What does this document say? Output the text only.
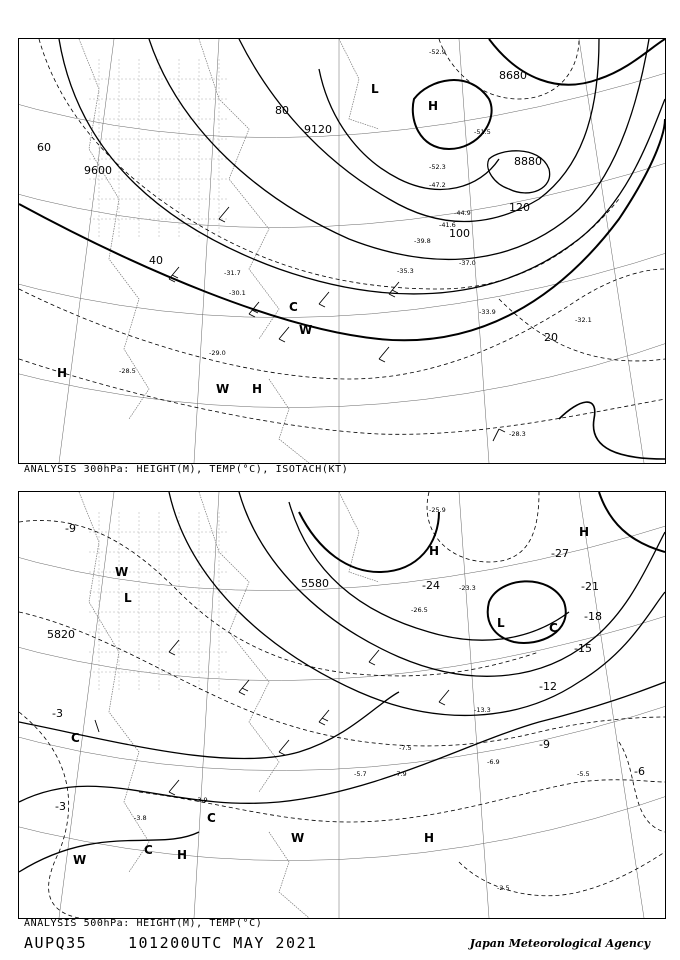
9600
9120
8680
8880
60
80
40
20
100
120
-52.9
-51.5
-52.3
-47.2
-37.0
-33.9
-32.1
-31.7
-30.1
-28.5
-29.0
-28.3
-35.3
-39.8
-41.6
-44.9
H
H
H
L
C
W
W
ANALYSIS 300hPa: HEIGHT(M), TEMP(°C), ISOTACH(KT)
5580
5820
-9
-3
-3
-6
-9
-12
-15
-18
-21
-27
-24
-25.9
-26.5
-23.3
-13.3
-7.5
-7.9
-5.7
-6.9
-5.5
-2.5
-3.9
-3.8
H
H
H
H
L
L
C
C
C
C
W
W
W
ANALYSIS 500hPa: HEIGHT(M), TEMP(°C)
AUPQ35	101200UTC MAY 2021	Japan Meteorological Agency
